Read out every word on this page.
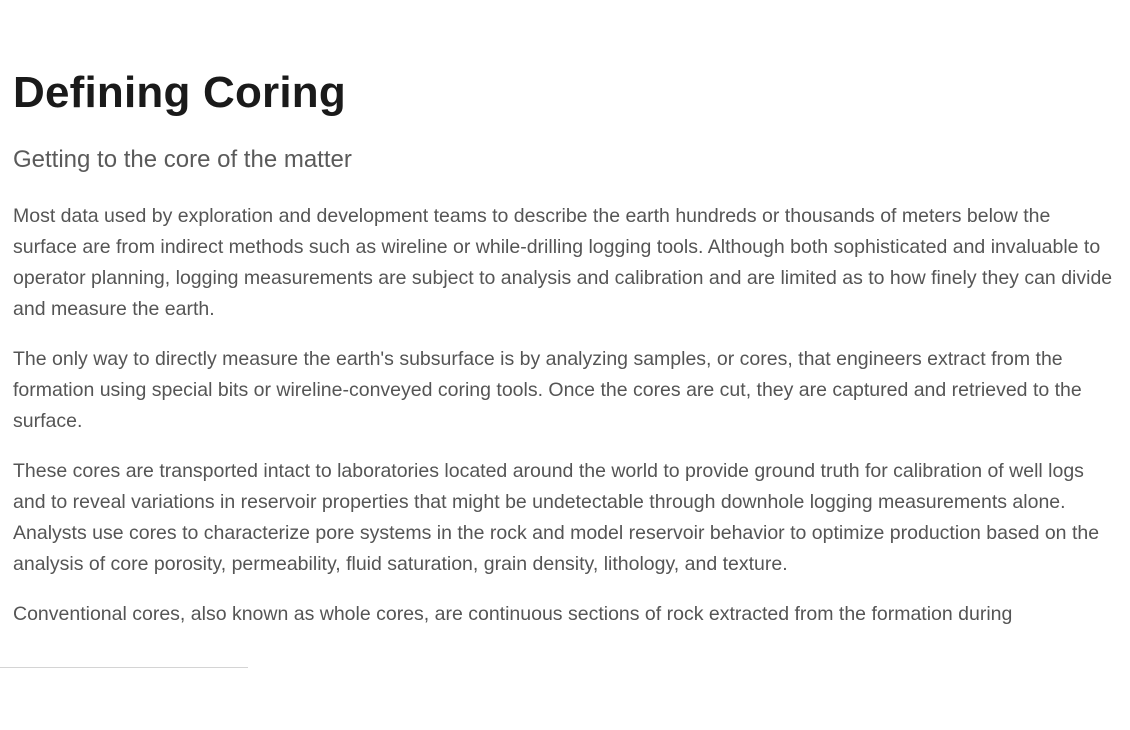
Defining Coring
Getting to the core of the matter

Most data used by exploration and development teams to describe the earth hundreds or thousands of meters below the surface are from indirect methods such as wireline or while-drilling logging tools. Although both sophisticated and invaluable to operator planning, logging measurements are subject to analysis and calibration and are limited as to how finely they can divide and measure the earth.

The only way to directly measure the earth's subsurface is by analyzing samples, or cores, that engineers extract from the formation using special bits or wireline-conveyed coring tools. Once the cores are cut, they are captured and retrieved to the surface.

These cores are transported intact to laboratories located around the world to provide ground truth for calibration of well logs and to reveal variations in reservoir properties that might be undetectable through downhole logging measurements alone. Analysts use cores to characterize pore systems in the rock and model reservoir behavior to optimize production based on the analysis of core porosity, permeability, fluid saturation, grain density, lithology, and texture.

Conventional cores, also known as whole cores, are continuous sections of rock extracted from the formation during
